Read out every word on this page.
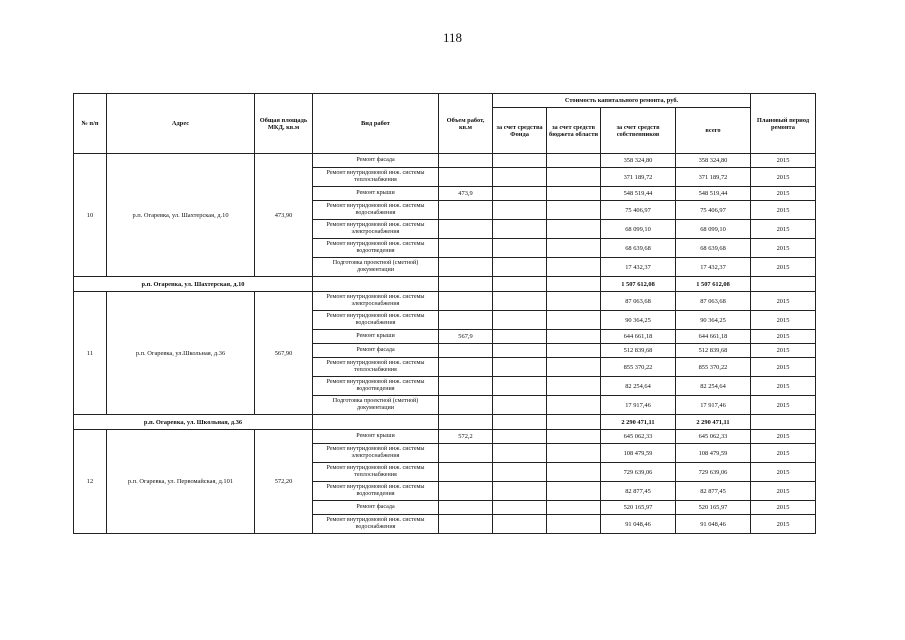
118
№ п/п	Адрес	Общая площадь МКД, кв.м	Вид работ	Объем работ, кв.м	Стоимость капитального ремонта, руб.				Плановый период ремонта
					за счет средства Фонда	за счет средств бюджета области	за счет средств собственников	всего	
10	р.п. Огаревка, ул. Шахтерская, д.10	473,90	Ремонт фасада				358 324,80	358 324,80	2015
			Ремонт внутридомовой инж. системы теплоснабжения				371 189,72	371 189,72	2015
			Ремонт крыши	473,9			548 519,44	548 519,44	2015
			Ремонт внутридомовой инж. системы водоснабжения				75 406,97	75 406,97	2015
			Ремонт внутридомовой инж. системы электроснабжения				68 099,10	68 099,10	2015
			Ремонт внутридомовой инж. системы водоотведения				68 639,68	68 639,68	2015
			Подготовка проектной (сметной) документации				17 432,37	17 432,37	2015
р.п. Огаревка, ул. Шахтерская, д.10							1 507 612,08	1 507 612,08	
11	р.п. Огаревка, ул.Школьная, д.36	567,90	Ремонт внутридомовой инж. системы электроснабжения				87 063,68	87 063,68	2015
			Ремонт внутридомовой инж. системы водоснабжения				90 364,25	90 364,25	2015
			Ремонт крыши	567,9			644 661,18	644 661,18	2015
			Ремонт фасада				512 839,68	512 839,68	2015
			Ремонт внутридомовой инж. системы теплоснабжения				855 370,22	855 370,22	2015
			Ремонт внутридомовой инж. системы водоотведения				82 254,64	82 254,64	2015
			Подготовка проектной (сметной) документации				17 917,46	17 917,46	2015
р.п. Огаревка, ул. Школьная, д.36							2 290 471,11	2 290 471,11	
12	р.п. Огаревка, ул. Первомайская, д.101	572,20	Ремонт крыши	572,2			645 062,33	645 062,33	2015
			Ремонт внутридомовой инж. системы электроснабжения				108 479,59	108 479,59	2015
			Ремонт внутридомовой инж. системы теплоснабжения				729 639,06	729 639,06	2015
			Ремонт внутридомовой инж. системы водоотведения				82 877,45	82 877,45	2015
			Ремонт фасада				520 165,97	520 165,97	2015
			Ремонт внутридомовой инж. системы водоснабжения				91 048,46	91 048,46	2015
